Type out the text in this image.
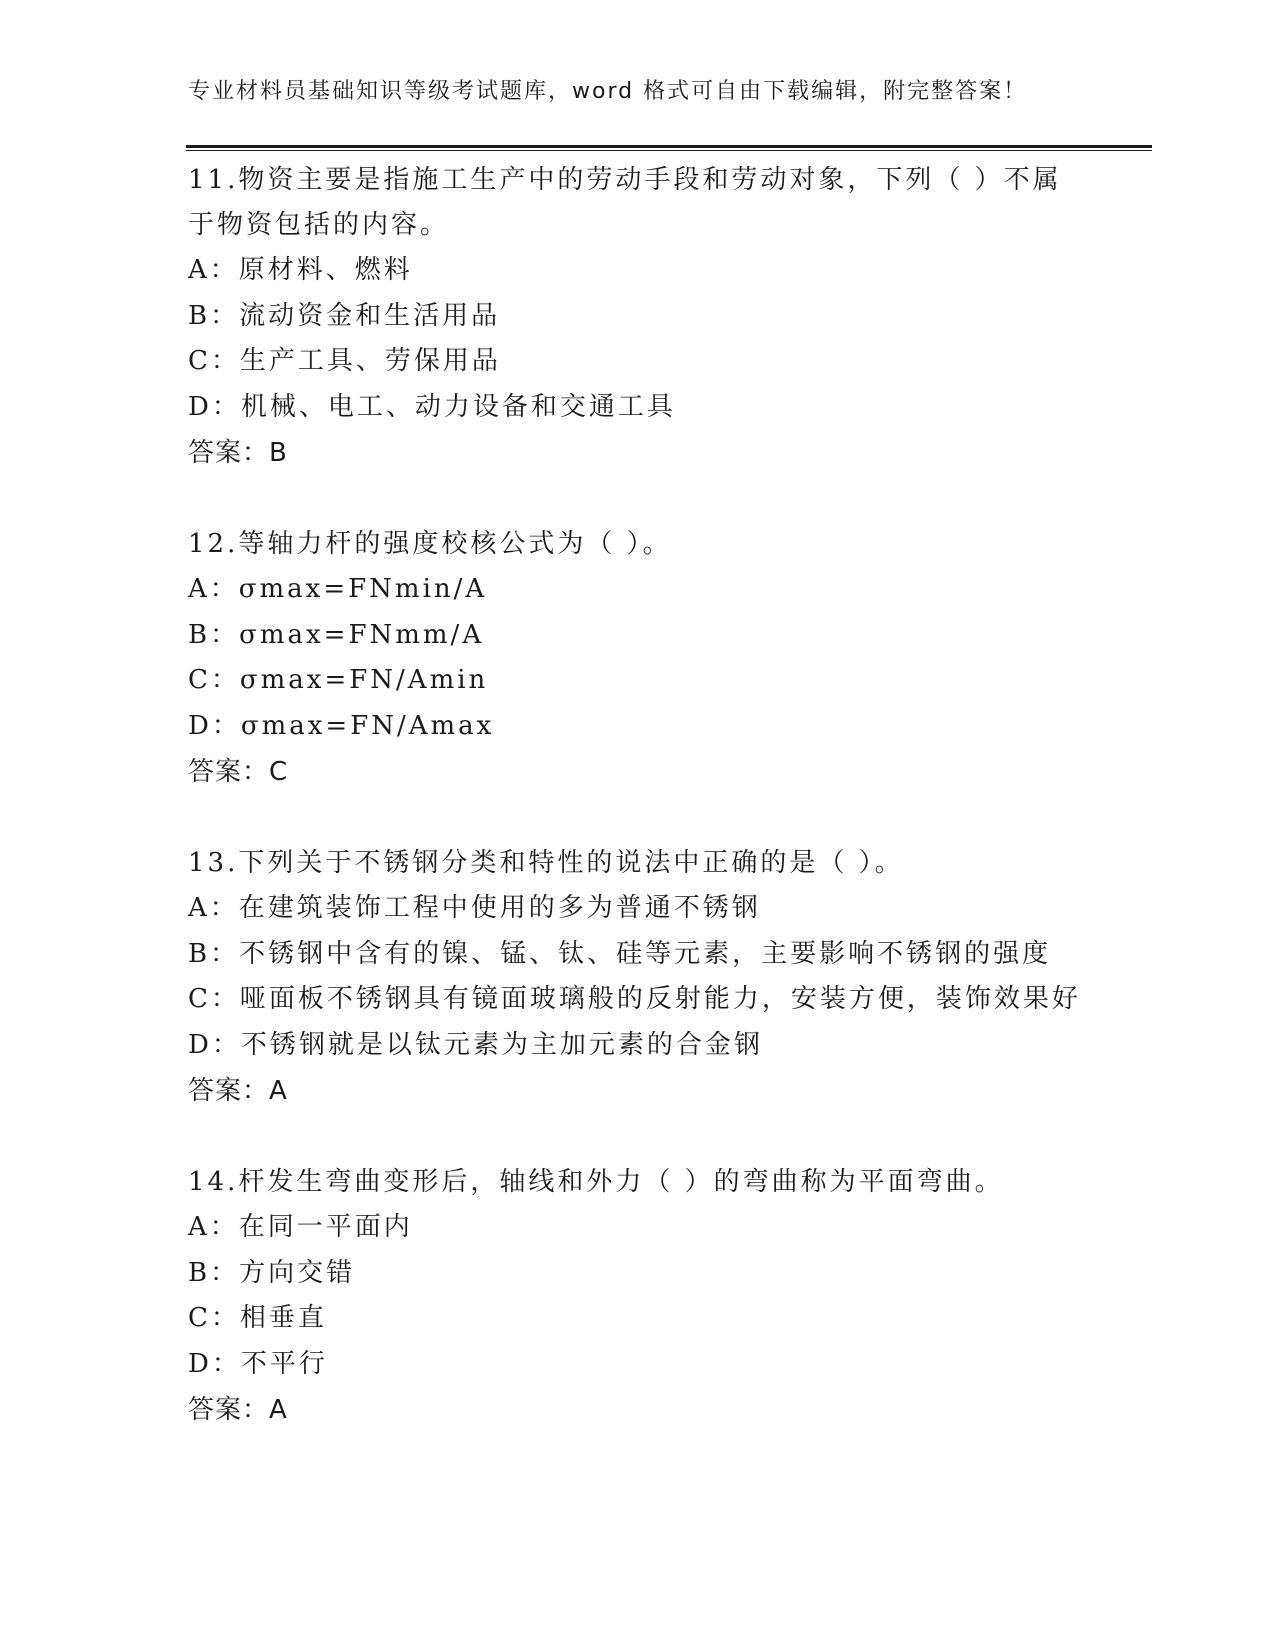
专业材料员基础知识等级考试题库，word 格式可自由下载编辑，附完整答案！
11.物资主要是指施工生产中的劳动手段和劳动对象，下列（ ）不属于物资包括的内容。
A：原材料、燃料
B：流动资金和生活用品
C：生产工具、劳保用品
D：机械、电工、动力设备和交通工具
答案：B
12.等轴力杆的强度校核公式为（ ）。
A：σmax=FNmin/A
B：σmax=FNmm/A
C：σmax=FN/Amin
D：σmax=FN/Amax
答案：C
13.下列关于不锈钢分类和特性的说法中正确的是（ ）。
A：在建筑装饰工程中使用的多为普通不锈钢
B：不锈钢中含有的镍、锰、钛、硅等元素，主要影响不锈钢的强度
C：哑面板不锈钢具有镜面玻璃般的反射能力，安装方便，装饰效果好
D：不锈钢就是以钛元素为主加元素的合金钢
答案：A
14.杆发生弯曲变形后，轴线和外力（ ）的弯曲称为平面弯曲。
A：在同一平面内
B：方向交错
C：相垂直
D：不平行
答案：A
